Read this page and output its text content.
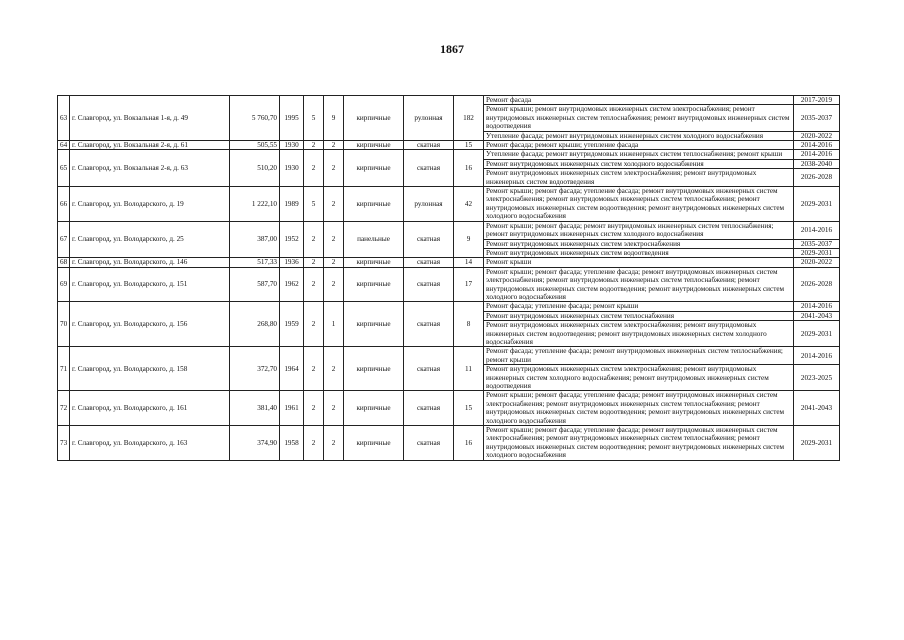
1867
63	г. Славгород, ул. Вокзальная 1-я, д. 49	5 760,70	1995	5	9	кирпичные	рулонная	182	Ремонт фасада	2017-2019
									Ремонт крыши; ремонт внутридомовых инженерных систем электроснабжения; ремонт внутридомовых инженерных систем теплоснабжения; ремонт внутридомовых инженерных систем водоотведения	2035-2037
									Утепление фасада; ремонт внутридомовых инженерных систем холодного водоснабжения	2020-2022
64	г. Славгород, ул. Вокзальная 2-я, д. 61	505,55	1930	2	2	кирпичные	скатная	15	Ремонт фасада; ремонт крыши; утепление фасада	2014-2016
65	г. Славгород, ул. Вокзальная 2-я, д. 63	510,20	1930	2	2	кирпичные	скатная	16	Утепление фасада; ремонт внутридомовых инженерных систем теплоснабжения; ремонт крыши	2014-2016
									Ремонт внутридомовых инженерных систем холодного водоснабжения	2038-2040
									Ремонт внутридомовых инженерных систем электроснабжения; ремонт внутридомовых инженерных систем водоотведения	2026-2028
66	г. Славгород, ул. Володарского, д. 19	1 222,10	1989	5	2	кирпичные	рулонная	42	Ремонт крыши; ремонт фасада; утепление фасада; ремонт внутридомовых инженерных систем электроснабжения; ремонт внутридомовых инженерных систем теплоснабжения; ремонт внутридомовых инженерных систем водоотведения; ремонт внутридомовых инженерных систем холодного водоснабжения	2029-2031
67	г. Славгород, ул. Володарского, д. 25	387,00	1952	2	2	панельные	скатная	9	Ремонт крыши; ремонт фасада; ремонт внутридомовых инженерных систем теплоснабжения; ремонт внутридомовых инженерных систем холодного водоснабжения	2014-2016
									Ремонт внутридомовых инженерных систем электроснабжения	2035-2037
									Ремонт внутридомовых инженерных систем водоотведения	2029-2031
68	г. Славгород, ул. Володарского, д. 146	517,33	1936	2	2	кирпичные	скатная	14	Ремонт крыши	2020-2022
69	г. Славгород, ул. Володарского, д. 151	587,70	1962	2	2	кирпичные	скатная	17	Ремонт крыши; ремонт фасада; утепление фасада; ремонт внутридомовых инженерных систем электроснабжения; ремонт внутридомовых инженерных систем теплоснабжения; ремонт внутридомовых инженерных систем водоотведения; ремонт внутридомовых инженерных систем холодного водоснабжения	2026-2028
70	г. Славгород, ул. Володарского, д. 156	268,80	1959	2	1	кирпичные	скатная	8	Ремонт фасада; утепление фасада; ремонт крыши	2014-2016
									Ремонт внутридомовых инженерных систем теплоснабжения	2041-2043
									Ремонт внутридомовых инженерных систем электроснабжения; ремонт внутридомовых инженерных систем водоотведения; ремонт внутридомовых инженерных систем холодного водоснабжения	2029-2031
71	г. Славгород, ул. Володарского, д. 158	372,70	1964	2	2	кирпичные	скатная	11	Ремонт фасада; утепление фасада; ремонт внутридомовых инженерных систем теплоснабжения; ремонт крыши	2014-2016
									Ремонт внутридомовых инженерных систем электроснабжения; ремонт внутридомовых инженерных систем холодного водоснабжения; ремонт внутридомовых инженерных систем водоотведения	2023-2025
72	г. Славгород, ул. Володарского, д. 161	381,40	1961	2	2	кирпичные	скатная	15	Ремонт крыши; ремонт фасада; утепление фасада; ремонт внутридомовых инженерных систем электроснабжения; ремонт внутридомовых инженерных систем теплоснабжения; ремонт внутридомовых инженерных систем водоотведения; ремонт внутридомовых инженерных систем холодного водоснабжения	2041-2043
73	г. Славгород, ул. Володарского, д. 163	374,90	1958	2	2	кирпичные	скатная	16	Ремонт крыши; ремонт фасада; утепление фасада; ремонт внутридомовых инженерных систем электроснабжения; ремонт внутридомовых инженерных систем теплоснабжения; ремонт внутридомовых инженерных систем водоотведения; ремонт внутридомовых инженерных систем холодного водоснабжения	2029-2031
